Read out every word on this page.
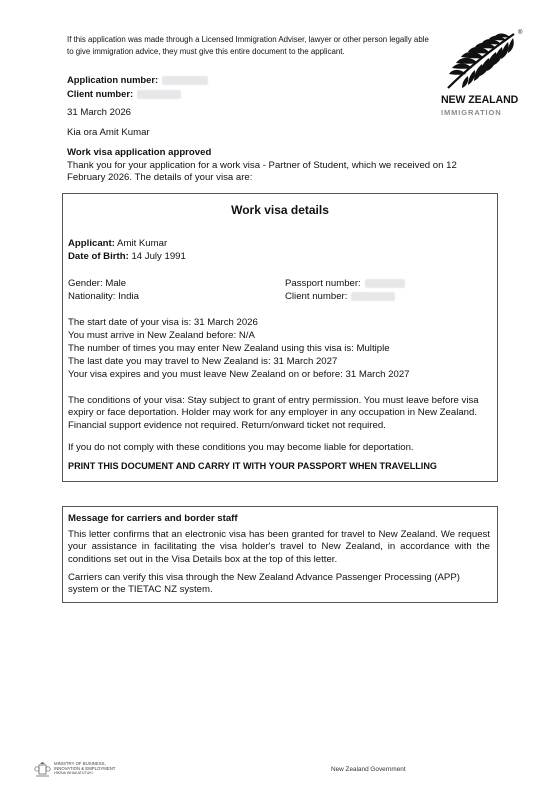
If this application was made through a Licensed Immigration Adviser, lawyer or other person legally able to give immigration advice, they must give this entire document to the applicant.
®
NEW ZEALAND
IMMIGRATION
Application number:
Client number:
31 March 2026
Kia ora Amit Kumar
Work visa application approved
Thank you for your application for a work visa - Partner of Student, which we received on 12 February 2026. The details of your visa are:
Work visa details
Applicant: Amit Kumar
Date of Birth: 14 July 1991
Gender: Male
Nationality: India
Passport number:
Client number:
The start date of your visa is: 31 March 2026
You must arrive in New Zealand before: N/A
The number of times you may enter New Zealand using this visa is: Multiple
The last date you may travel to New Zealand is: 31 March 2027
Your visa expires and you must leave New Zealand on or before: 31 March 2027
The conditions of your visa: Stay subject to grant of entry permission. You must leave before visa expiry or face deportation. Holder may work for any employer in any occupation in New Zealand. Financial support evidence not required. Return/onward ticket not required.
If you do not comply with these conditions you may become liable for deportation.
PRINT THIS DOCUMENT AND CARRY IT WITH YOUR PASSPORT WHEN TRAVELLING
Message for carriers and border staff
This letter confirms that an electronic visa has been granted for travel to New Zealand. We request your assistance in facilitating the visa holder's travel to New Zealand, in accordance with the conditions set out in the Visa Details box at the top of this letter.
Carriers can verify this visa through the New Zealand Advance Passenger Processing (APP) system or the TIETAC NZ system.
MINISTRY OF BUSINESS,
INNOVATION & EMPLOYMENT
HĪKINA WHAKATUTUKI
New Zealand Government
